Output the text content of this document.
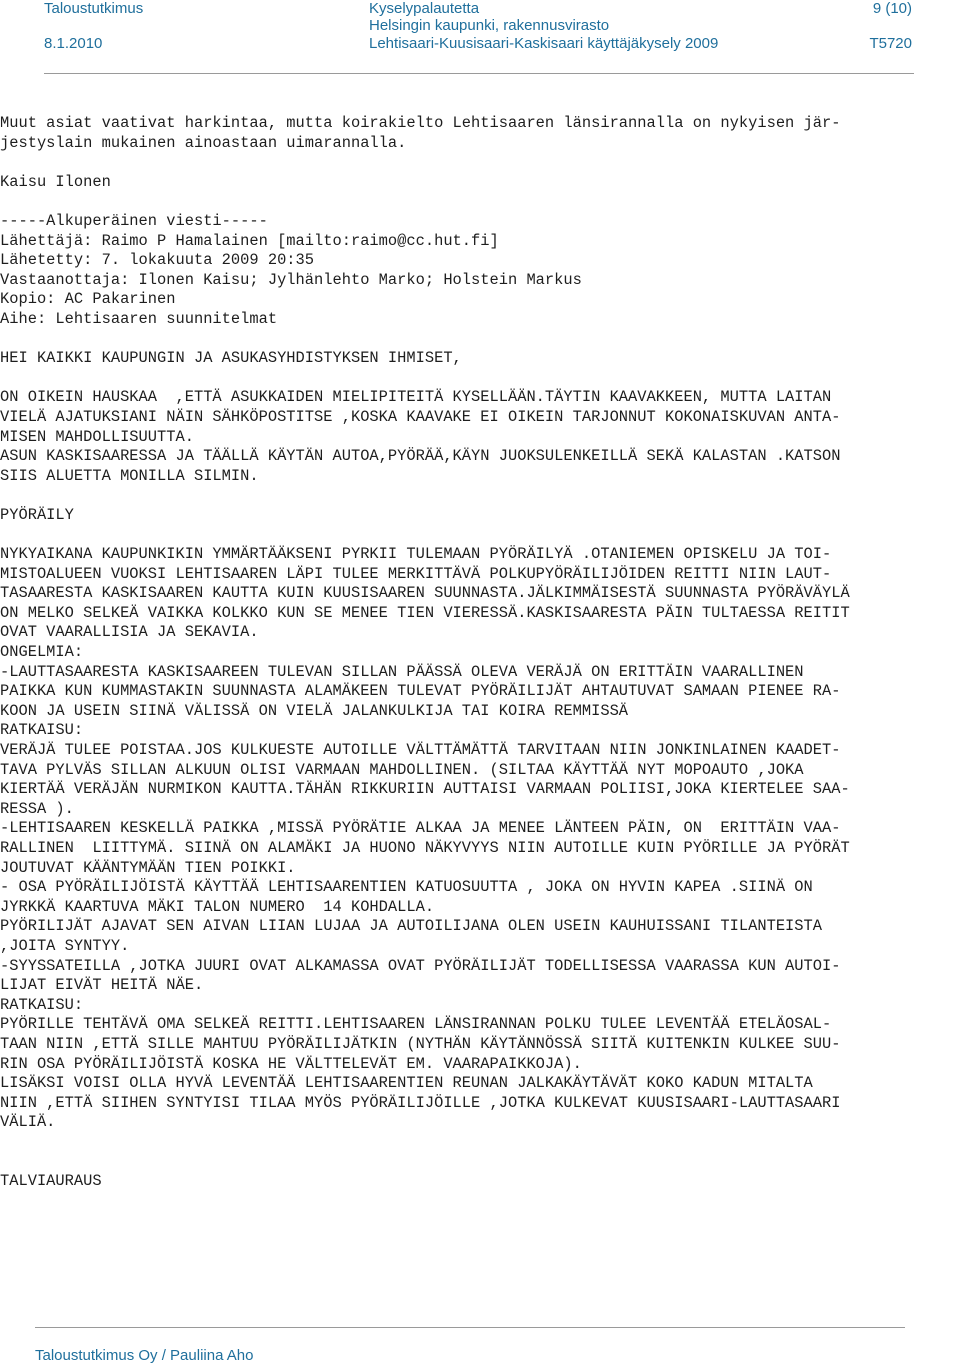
Taloustutkimus
8.1.2010
Kyselypalautetta
Helsingin kaupunki, rakennusvirasto
Lehtisaari-Kuusisaari-Kaskisaari käyttäjäkysely 2009
9 (10)
T5720
Muut asiat vaativat harkintaa, mutta koirakielto Lehtisaaren länsirannalla on nykyisen jär-
jestyslain mukainen ainoastaan uimarannalla.
Kaisu Ilonen
-----Alkuperäinen viesti-----
Lähettäjä: Raimo P Hamalainen [mailto:raimo@cc.hut.fi]
Lähetetty: 7. lokakuuta 2009 20:35
Vastaanottaja: Ilonen Kaisu; Jylhänlehto Marko; Holstein Markus
Kopio: AC Pakarinen
Aihe: Lehtisaaren suunnitelmat
HEI KAIKKI KAUPUNGIN JA ASUKASYHDISTYKSEN IHMISET,
ON OIKEIN HAUSKAA  ,ETTÄ ASUKKAIDEN MIELIPITEITÄ KYSELLÄÄN.TÄYTIN KAAVAKKEEN, MUTTA LAITAN
VIELÄ AJATUKSIANI NÄIN SÄHKÖPOSTITSE ,KOSKA KAAVAKE EI OIKEIN TARJONNUT KOKONAISKUVAN ANTA-
MISEN MAHDOLLISUUTTA.
ASUN KASKISAARESSA JA TÄÄLLÄ KÄYTÄN AUTOA,PYÖRÄÄ,KÄYN JUOKSULENKEILLÄ SEKÄ KALASTAN .KATSON
SIIS ALUETTA MONILLA SILMIN.
PYÖRÄILY
NYKYAIKANA KAUPUNKIKIN YMMÄRTÄÄKSENI PYRKII TULEMAAN PYÖRÄILYÄ .OTANIEMEN OPISKELU JA TOI-
MISTOALUEEN VUOKSI LEHTISAAREN LÄPI TULEE MERKITTÄVÄ POLKUPYÖRÄILIJÖIDEN REITTI NIIN LAUT-
TASAARESTA KASKISAAREN KAUTTA KUIN KUUSISAAREN SUUNNASTA.JÄLKIMMÄISESTÄ SUUNNASTA PYÖRÄVÄYLÄ
ON MELKO SELKEÄ VAIKKA KOLKKO KUN SE MENEE TIEN VIERESSÄ.KASKISAARESTA PÄIN TULTAESSA REITIT
OVAT VAARALLISIA JA SEKAVIA.
ONGELMIA:
-LAUTTASAARESTA KASKISAAREEN TULEVAN SILLAN PÄÄSSÄ OLEVA VERÄJÄ ON ERITTÄIN VAARALLINEN
PAIKKA KUN KUMMASTAKIN SUUNNASTA ALAMÄKEEN TULEVAT PYÖRÄILIJÄT AHTAUTUVAT SAMAAN PIENEE RA-
KOON JA USEIN SIINÄ VÄLISSÄ ON VIELÄ JALANKULKIJA TAI KOIRA REMMISSÄ
RATKAISU:
VERÄJÄ TULEE POISTAA.JOS KULKUESTE AUTOILLE VÄLTTÄMÄTTÄ TARVITAAN NIIN JONKINLAINEN KAADET-
TAVA PYLVÄS SILLAN ALKUUN OLISI VARMAAN MAHDOLLINEN. (SILTAA KÄYTTÄÄ NYT MOPOAUTO ,JOKA
KIERTÄÄ VERÄJÄN NURMIKON KAUTTA.TÄHÄN RIKKURIIN AUTTAISI VARMAAN POLIISI,JOKA KIERTELEE SAA-
RESSA ).
-LEHTISAAREN KESKELLÄ PAIKKA ,MISSÄ PYÖRÄTIE ALKAA JA MENEE LÄNTEEN PÄIN, ON  ERITTÄIN VAA-
RALLINEN  LIITTYMÄ. SIINÄ ON ALAMÄKI JA HUONO NÄKYVYYS NIIN AUTOILLE KUIN PYÖRILLE JA PYÖRÄT
JOUTUVAT KÄÄNTYMÄÄN TIEN POIKKI.
- OSA PYÖRÄILIJÖISTÄ KÄYTTÄÄ LEHTISAARENTIEN KATUOSUUTTA , JOKA ON HYVIN KAPEA .SIINÄ ON
JYRKKÄ KAARTUVA MÄKI TALON NUMERO  14 KOHDALLA.
PYÖRILIJÄT AJAVAT SEN AIVAN LIIAN LUJAA JA AUTOILIJANA OLEN USEIN KAUHUISSANI TILANTEISTA
,JOITA SYNTYY.
-SYYSSATEILLA ,JOTKA JUURI OVAT ALKAMASSA OVAT PYÖRÄILIJÄT TODELLISESSA VAARASSA KUN AUTOI-
LIJAT EIVÄT HEITÄ NÄE.
RATKAISU:
PYÖRILLE TEHTÄVÄ OMA SELKEÄ REITTI.LEHTISAAREN LÄNSIRANNAN POLKU TULEE LEVENTÄÄ ETELÄOSAL-
TAAN NIIN ,ETTÄ SILLE MAHTUU PYÖRÄILIJÄTKIN (NYTHÄN KÄYTÄNNÖSSÄ SIITÄ KUITENKIN KULKEE SUU-
RIN OSA PYÖRÄILIJÖISTÄ KOSKA HE VÄLTTELEVÄT EM. VAARAPAIKKOJA).
LISÄKSI VOISI OLLA HYVÄ LEVENTÄÄ LEHTISAARENTIEN REUNAN JALKAKÄYTÄVÄT KOKO KADUN MITALTA
NIIN ,ETTÄ SIIHEN SYNTYISI TILAA MYÖS PYÖRÄILIJÖILLE ,JOTKA KULKEVAT KUUSISAARI-LAUTTASAARI
VÄLIÄ.
TALVIAURAUS
Taloustutkimus Oy / Pauliina Aho
